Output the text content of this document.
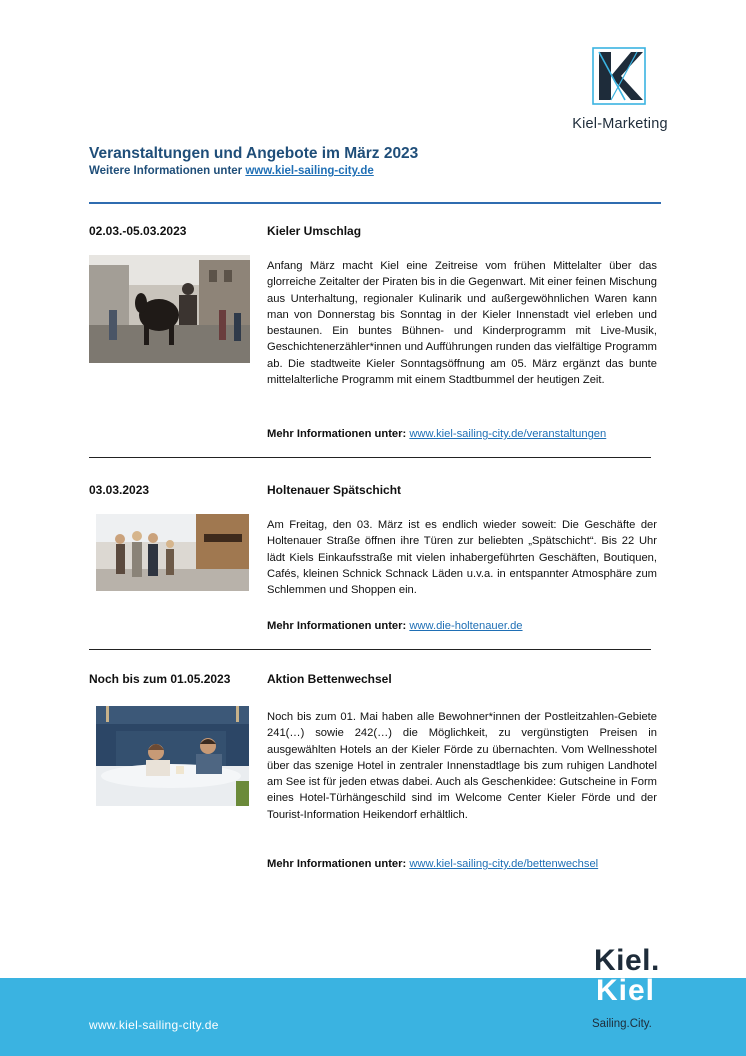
Kiel-Marketing
Veranstaltungen und Angebote im März 2023
Weitere Informationen unter www.kiel-sailing-city.de
02.03.-05.03.2023	Kieler Umschlag

Anfang März macht Kiel eine Zeitreise vom frühen Mittelalter über das glorreiche Zeitalter der Piraten bis in die Gegenwart. Mit einer feinen Mischung aus Unterhaltung, regionaler Kulinarik und außergewöhnlichen Waren kann man von Donnerstag bis Sonntag in der Kieler Innenstadt viel erleben und bestaunen. Ein buntes Bühnen- und Kinderprogramm mit Live-Musik, Geschichtenerzähler*innen und Aufführungen runden das vielfältige Programm ab. Die stadtweite Kieler Sonntagsöffnung am 05. März ergänzt das bunte mittelalterliche Programm mit einem Stadtbummel der heutigen Zeit.

Mehr Informationen unter: www.kiel-sailing-city.de/veranstaltungen
03.03.2023	Holtenauer Spätschicht

Am Freitag, den 03. März ist es endlich wieder soweit: Die Geschäfte der Holtenauer Straße öffnen ihre Türen zur beliebten „Spätschicht“. Bis 22 Uhr lädt Kiels Einkaufsstraße mit vielen inhabergeführten Geschäften, Boutiquen, Cafés, kleinen Schnick Schnack Läden u.v.a. in entspannter Atmosphäre zum Schlemmen und Shoppen ein.

Mehr Informationen unter: www.die-holtenauer.de
Noch bis zum 01.05.2023	Aktion Bettenwechsel

Noch bis zum 01. Mai haben alle Bewohner*innen der Postleitzahlen-Gebiete 241(…) sowie 242(…) die Möglichkeit, zu vergünstigten Preisen in ausgewählten Hotels an der Kieler Förde zu übernachten. Vom Wellnesshotel über das szenige Hotel in zentraler Innenstadtlage bis zum ruhigen Landhotel am See ist für jeden etwas dabei. Auch als Geschenkidee: Gutscheine in Form eines Hotel-Türhängeschild sind im Welcome Center Kieler Förde und der Tourist-Information Heikendorf erhältlich.

Mehr Informationen unter: www.kiel-sailing-city.de/bettenwechsel
www.kiel-sailing-city.de
Kiel.
Kiel
Sailing.City.
